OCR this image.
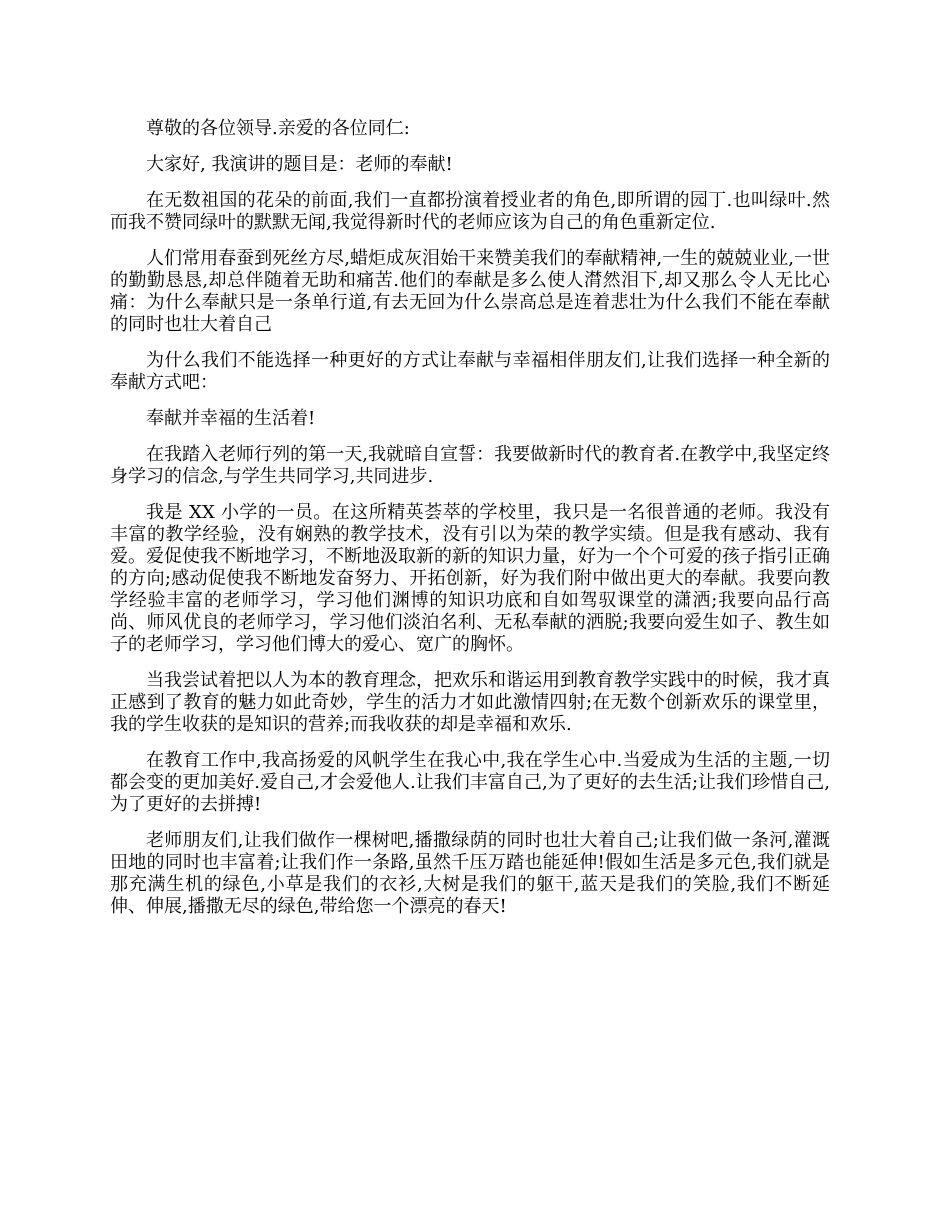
尊敬的各位领导.亲爱的各位同仁:

大家好, 我演讲的题目是：老师的奉献!

在无数祖国的花朵的前面,我们一直都扮演着授业者的角色,即所谓的园丁.也叫绿叶.然而我不赞同绿叶的默默无闻,我觉得新时代的老师应该为自己的角色重新定位.

人们常用春蚕到死丝方尽,蜡炬成灰泪始干来赞美我们的奉献精神,一生的兢兢业业,一世的勤勤恳恳,却总伴随着无助和痛苦.他们的奉献是多么使人潸然泪下,却又那么令人无比心痛：为什么奉献只是一条单行道,有去无回为什么崇高总是连着悲壮为什么我们不能在奉献的同时也壮大着自己

为什么我们不能选择一种更好的方式让奉献与幸福相伴朋友们,让我们选择一种全新的奉献方式吧：

奉献并幸福的生活着!

在我踏入老师行列的第一天,我就暗自宣誓：我要做新时代的教育者.在教学中,我坚定终身学习的信念,与学生共同学习,共同进步.

我是 XX 小学的一员。在这所精英荟萃的学校里，我只是一名很普通的老师。我没有丰富的教学经验，没有娴熟的教学技术，没有引以为荣的教学实绩。但是我有感动、我有爱。爱促使我不断地学习，不断地汲取新的新的知识力量，好为一个个可爱的孩子指引正确的方向;感动促使我不断地发奋努力、开拓创新，好为我们附中做出更大的奉献。我要向教学经验丰富的老师学习，学习他们渊博的知识功底和自如驾驭课堂的潇洒;我要向品行高尚、师风优良的老师学习，学习他们淡泊名利、无私奉献的洒脱;我要向爱生如子、教生如子的老师学习，学习他们博大的爱心、宽广的胸怀。

当我尝试着把以人为本的教育理念，把欢乐和谐运用到教育教学实践中的时候，我才真正感到了教育的魅力如此奇妙，学生的活力才如此激情四射;在无数个创新欢乐的课堂里，我的学生收获的是知识的营养;而我收获的却是幸福和欢乐.

在教育工作中,我高扬爱的风帆学生在我心中,我在学生心中.当爱成为生活的主题,一切都会变的更加美好.爱自己,才会爱他人.让我们丰富自己,为了更好的去生活;让我们珍惜自己,为了更好的去拼搏!

老师朋友们,让我们做作一棵树吧,播撒绿荫的同时也壮大着自己;让我们做一条河,灌溉田地的同时也丰富着;让我们作一条路,虽然千压万踏也能延伸!假如生活是多元色,我们就是那充满生机的绿色,小草是我们的衣衫,大树是我们的躯干,蓝天是我们的笑脸,我们不断延伸、伸展,播撒无尽的绿色,带给您一个漂亮的春天!
